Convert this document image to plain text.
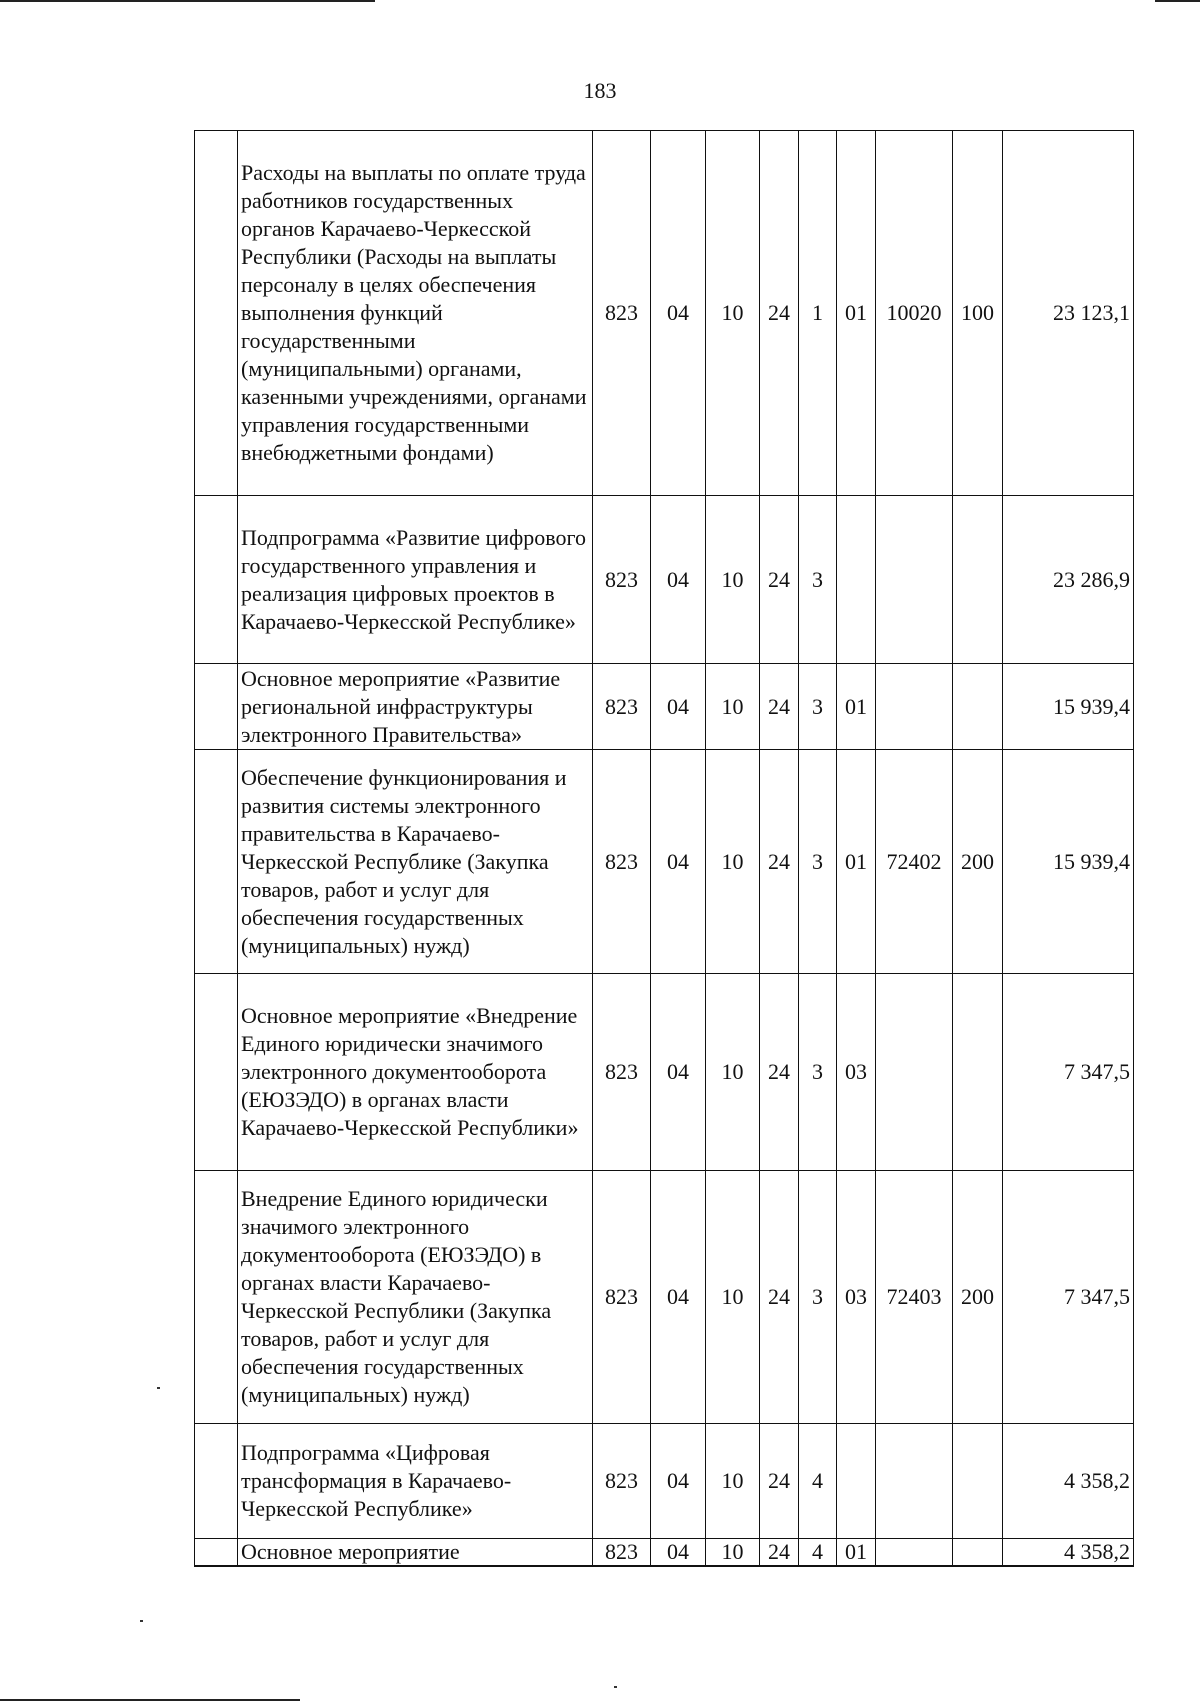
183
	Расходы на выплаты по оплате труда работников государственных органов Карачаево-Черкесской Республики (Расходы на выплаты персоналу в целях обеспечения выполнения функций государственными (муниципальными) органами, казенными учреждениями, органами управления государственными внебюджетными фондами)	823	04	10	24	1	01	10020	100	23 123,1
	Подпрограмма «Развитие цифрового государственного управления и реализация цифровых проектов в Карачаево-Черкесской Республике»	823	04	10	24	3				23 286,9
	Основное мероприятие «Развитие региональной инфраструктуры электронного Правительства»	823	04	10	24	3	01			15 939,4
	Обеспечение функционирования и развития системы электронного правительства в Карачаево-Черкесской Республике (Закупка товаров, работ и услуг для обеспечения государственных (муниципальных) нужд)	823	04	10	24	3	01	72402	200	15 939,4
	Основное мероприятие «Внедрение Единого юридически значимого электронного документооборота (ЕЮЗЭДО) в органах власти Карачаево-Черкесской Республики»	823	04	10	24	3	03			7 347,5
	Внедрение Единого юридически значимого электронного документооборота (ЕЮЗЭДО) в органах власти Карачаево-Черкесской Республики (Закупка товаров, работ и услуг для обеспечения государственных (муниципальных) нужд)	823	04	10	24	3	03	72403	200	7 347,5
	Подпрограмма «Цифровая трансформация в Карачаево-Черкесской Республике»	823	04	10	24	4				4 358,2
	Основное мероприятие	823	04	10	24	4	01			4 358,2
